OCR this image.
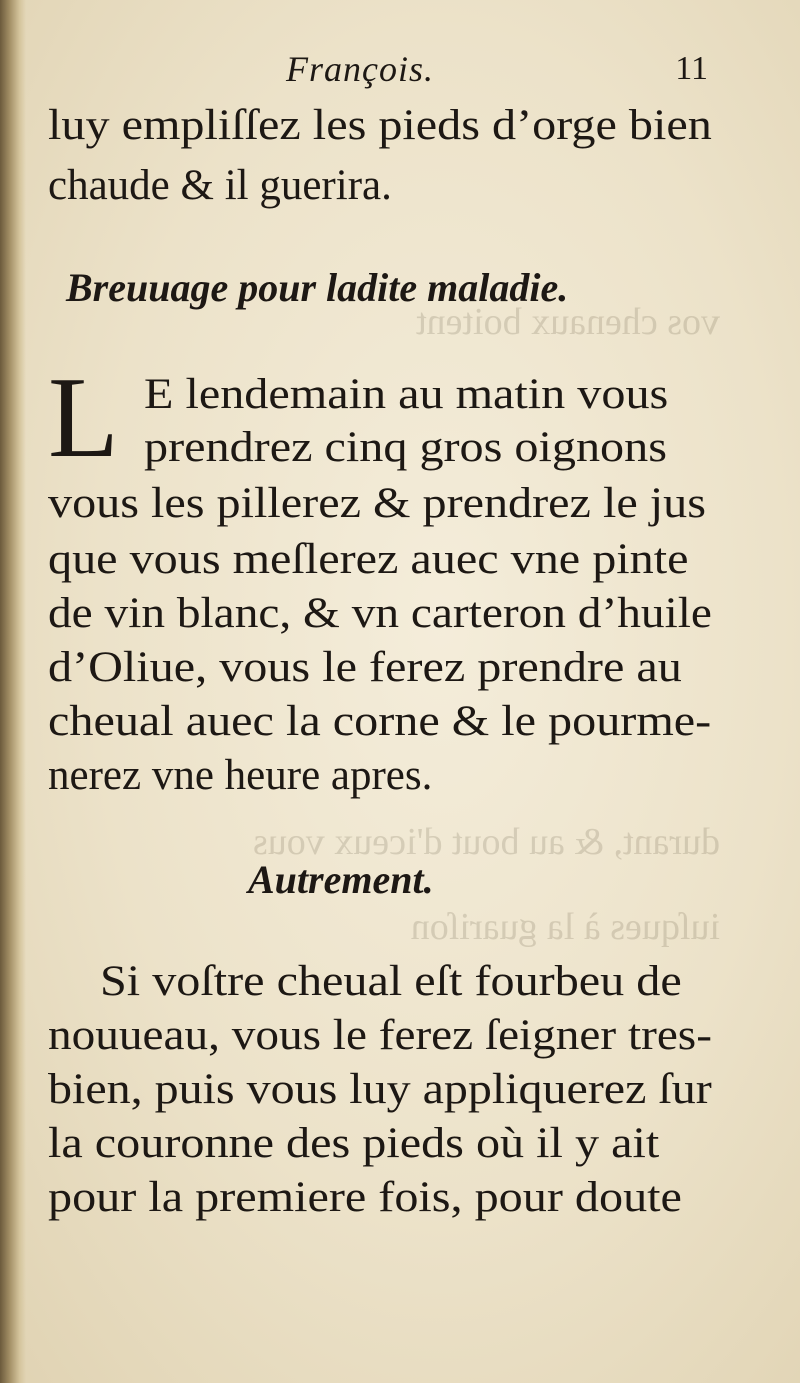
vos chenaux boitent
durant, & au bout d'iceux vous
iuſques à la guariſon
François.	11
luy empliſſez les pieds d’orge bien
chaude & il guerira.
Breuuage pour ladite maladie.
L E lendemain au matin vous
prendrez cinq gros oignons
vous les pillerez & prendrez le jus
que vous meſlerez auec vne pinte
de vin blanc, & vn carteron d’huile
d’Oliue, vous le ferez prendre au
cheual auec la corne & le pourme-
nerez vne heure apres.
Autrement.
Si voſtre cheual eſt fourbeu de
nouueau, vous le ferez ſeigner tres-
bien, puis vous luy appliquerez ſur
la couronne des pieds où il y ait
pour la premiere fois, pour doute
